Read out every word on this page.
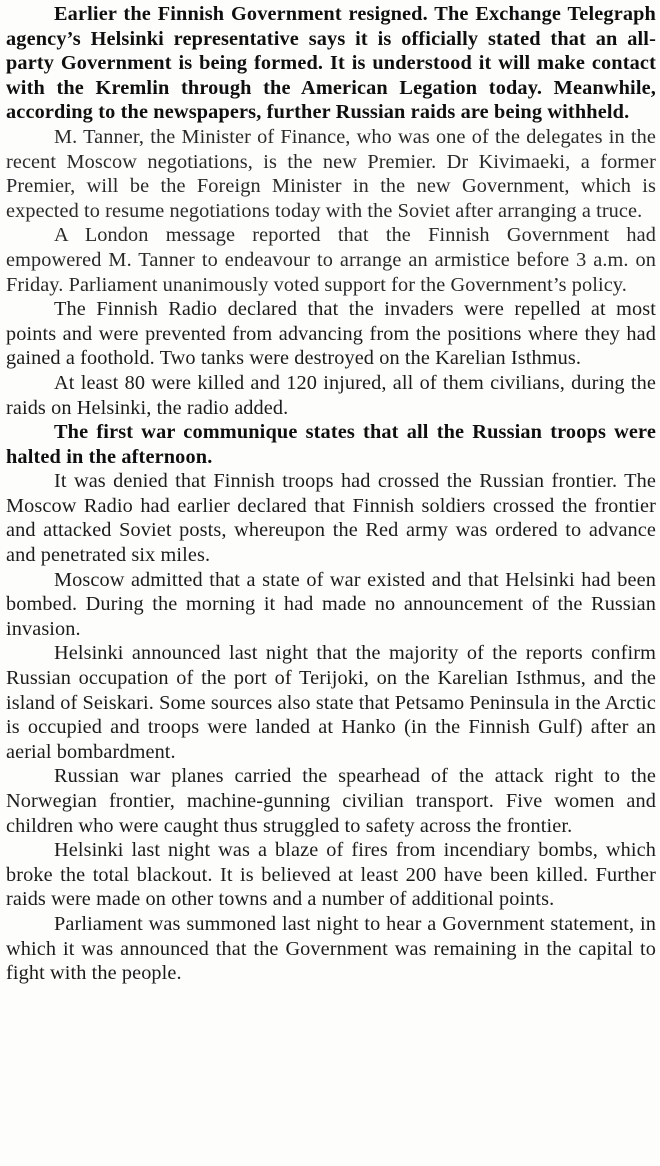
Earlier the Finnish Government resigned. The Exchange Telegraph agency’s Helsinki representative says it is officially stated that an all-party Government is being formed. It is understood it will make contact with the Kremlin through the American Legation today. Meanwhile, according to the newspapers, further Russian raids are being withheld.

M. Tanner, the Minister of Finance, who was one of the delegates in the recent Moscow negotiations, is the new Premier. Dr Kivimaeki, a former Premier, will be the Foreign Minister in the new Government, which is expected to resume negotiations today with the Soviet after arranging a truce.

A London message reported that the Finnish Government had empowered M. Tanner to endeavour to arrange an armistice before 3 a.m. on Friday. Parliament unanimously voted support for the Government’s policy.

The Finnish Radio declared that the invaders were repelled at most points and were prevented from advancing from the positions where they had gained a foothold. Two tanks were destroyed on the Karelian Isthmus.

At least 80 were killed and 120 injured, all of them civilians, during the raids on Helsinki, the radio added.

The first war communique states that all the Russian troops were halted in the afternoon.

It was denied that Finnish troops had crossed the Russian frontier. The Moscow Radio had earlier declared that Finnish soldiers crossed the frontier and attacked Soviet posts, whereupon the Red army was ordered to advance and penetrated six miles.

Moscow admitted that a state of war existed and that Helsinki had been bombed. During the morning it had made no announcement of the Russian invasion.

Helsinki announced last night that the majority of the reports confirm Russian occupation of the port of Terijoki, on the Karelian Isthmus, and the island of Seiskari. Some sources also state that Petsamo Peninsula in the Arctic is occupied and troops were landed at Hanko (in the Finnish Gulf) after an aerial bombardment.

Russian war planes carried the spearhead of the attack right to the Norwegian frontier, machine-gunning civilian transport. Five women and children who were caught thus struggled to safety across the frontier.

Helsinki last night was a blaze of fires from incendiary bombs, which broke the total blackout. It is believed at least 200 have been killed. Further raids were made on other towns and a number of additional points.

Parliament was summoned last night to hear a Government statement, in which it was announced that the Government was remaining in the capital to fight with the people.
